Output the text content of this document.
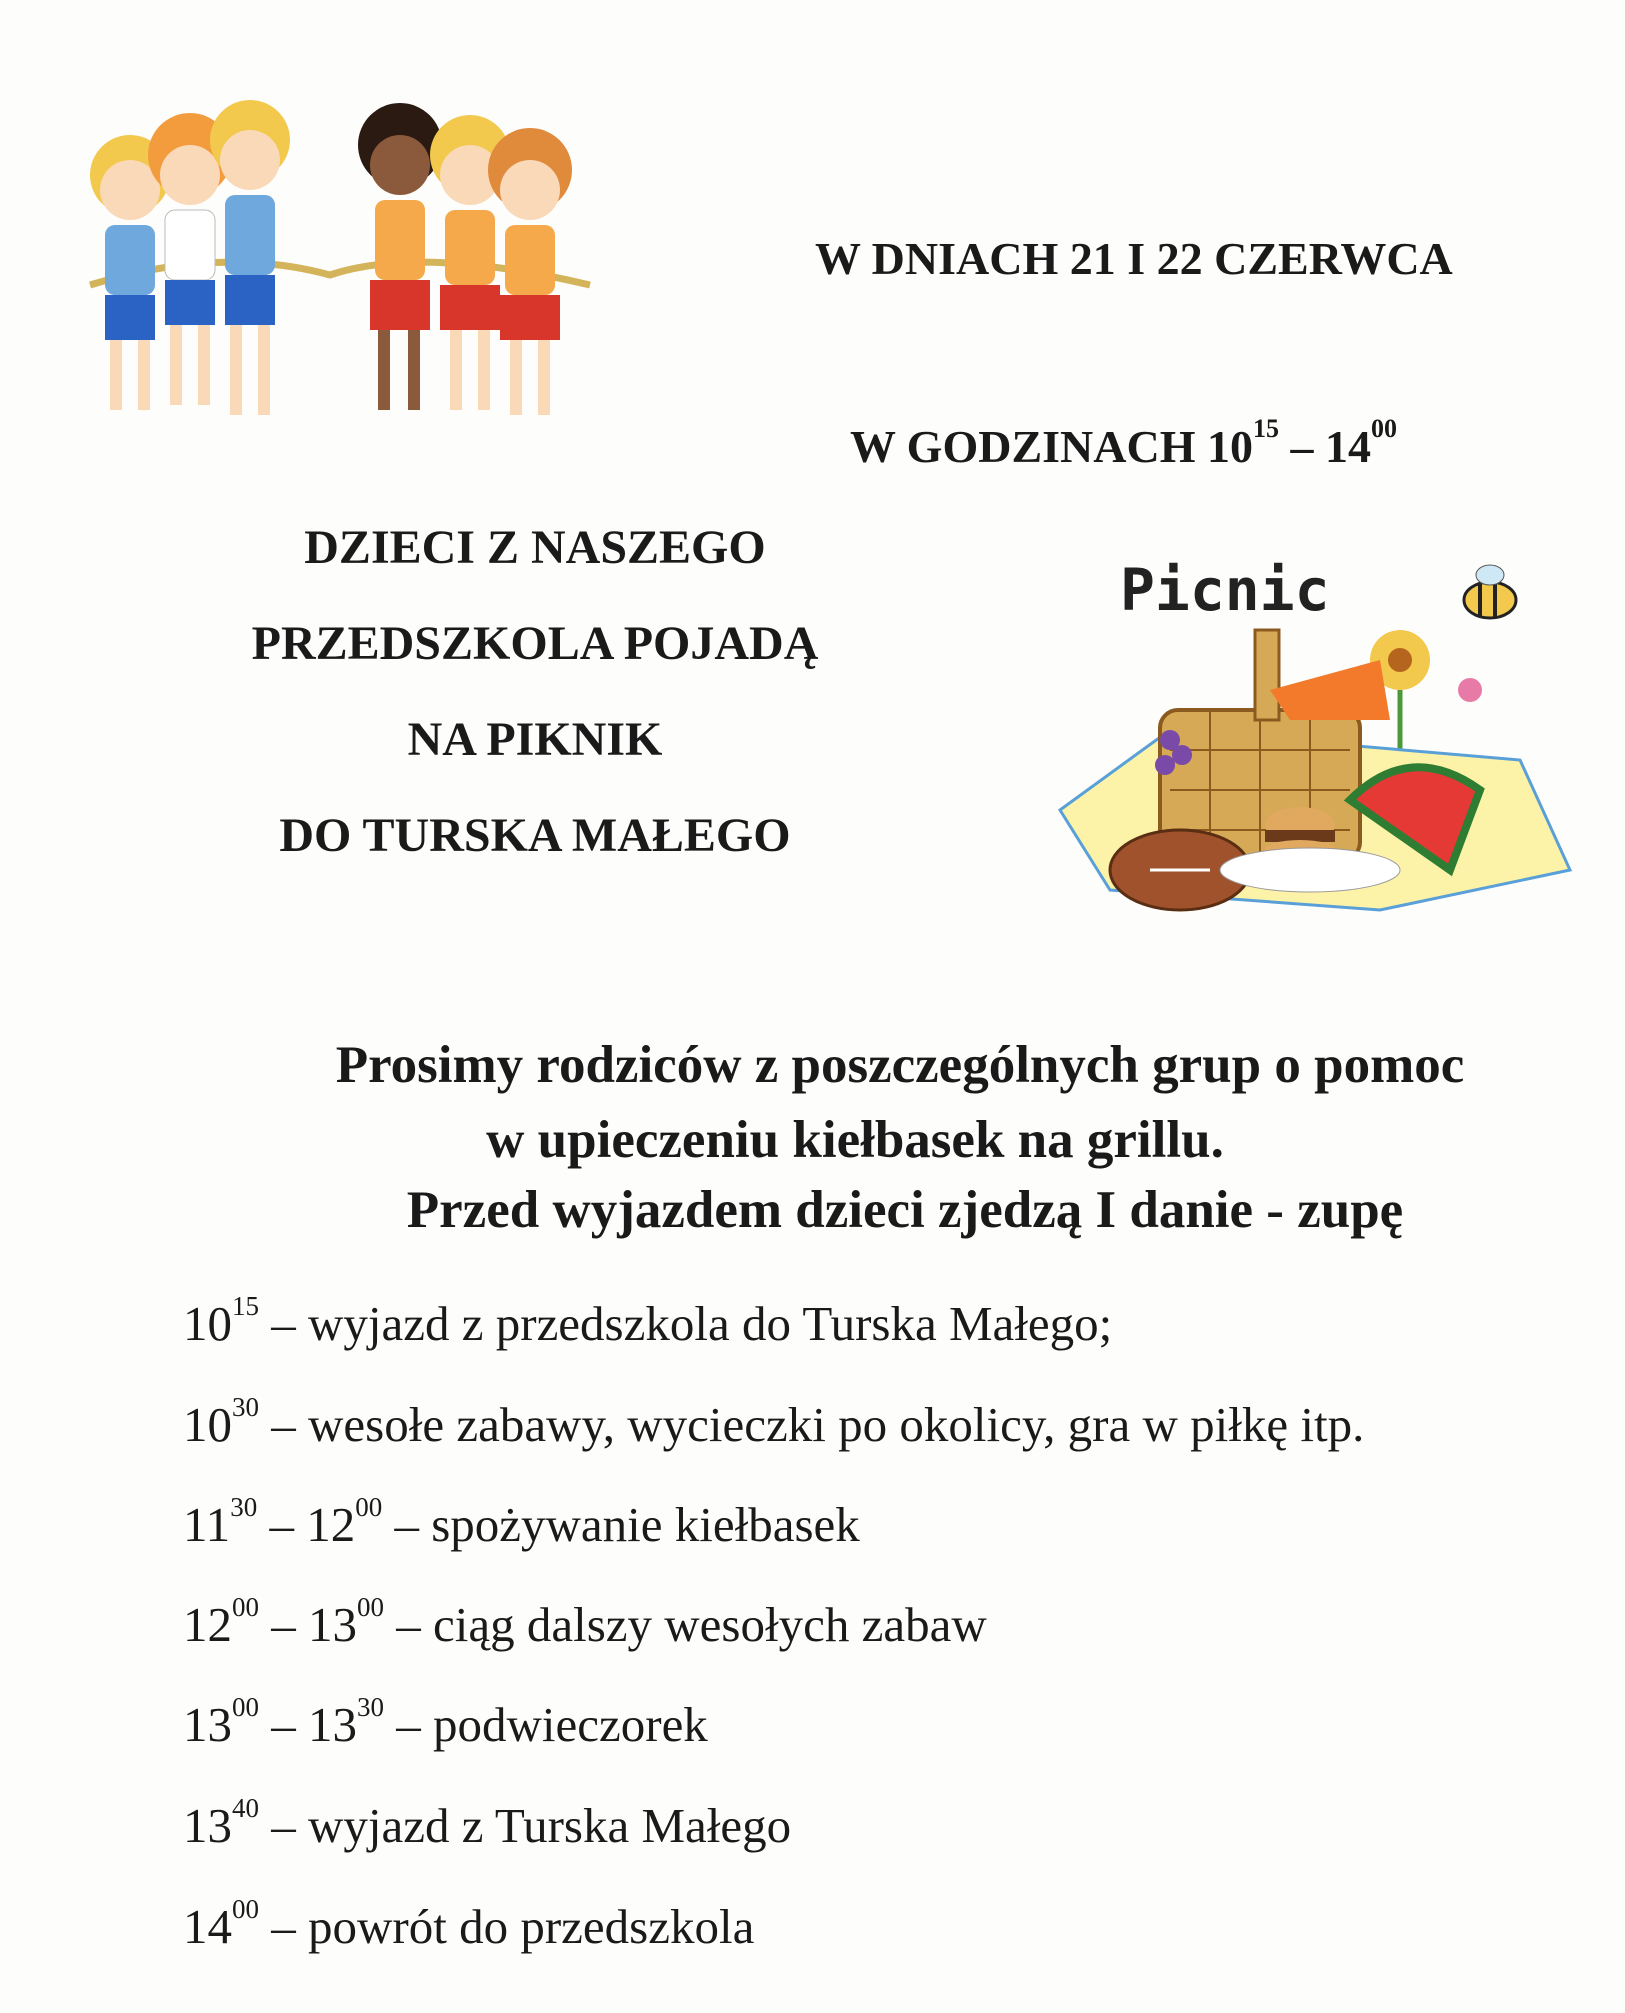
W DNIACH 21 I 22 CZERWCA
W GODZINACH $10^{15} - 14^{00}$
DZIECI Z NASZEGO
PRZEDSZKOLA POJADĄ
NA PIKNIK
DO TURSKA MAŁEGO
Picnic
Prosimy rodziców z poszczególnych grup o pomoc
w upieczeniu kiełbasek na grillu.
Przed wyjazdem dzieci zjedzą I danie - zupę
$10^{15}$ – wyjazd z przedszkola do Turska Małego;
$10^{30}$ – wesołe zabawy, wycieczki po okolicy, gra w piłkę itp.
$11^{30} - 12^{00}$ – spożywanie kiełbasek
$12^{00} - 13^{00}$ – ciąg dalszy wesołych zabaw
$13^{00} - 13^{30}$ – podwieczorek
$13^{40}$ – wyjazd z Turska Małego
$14^{00}$ – powrót do przedszkola
